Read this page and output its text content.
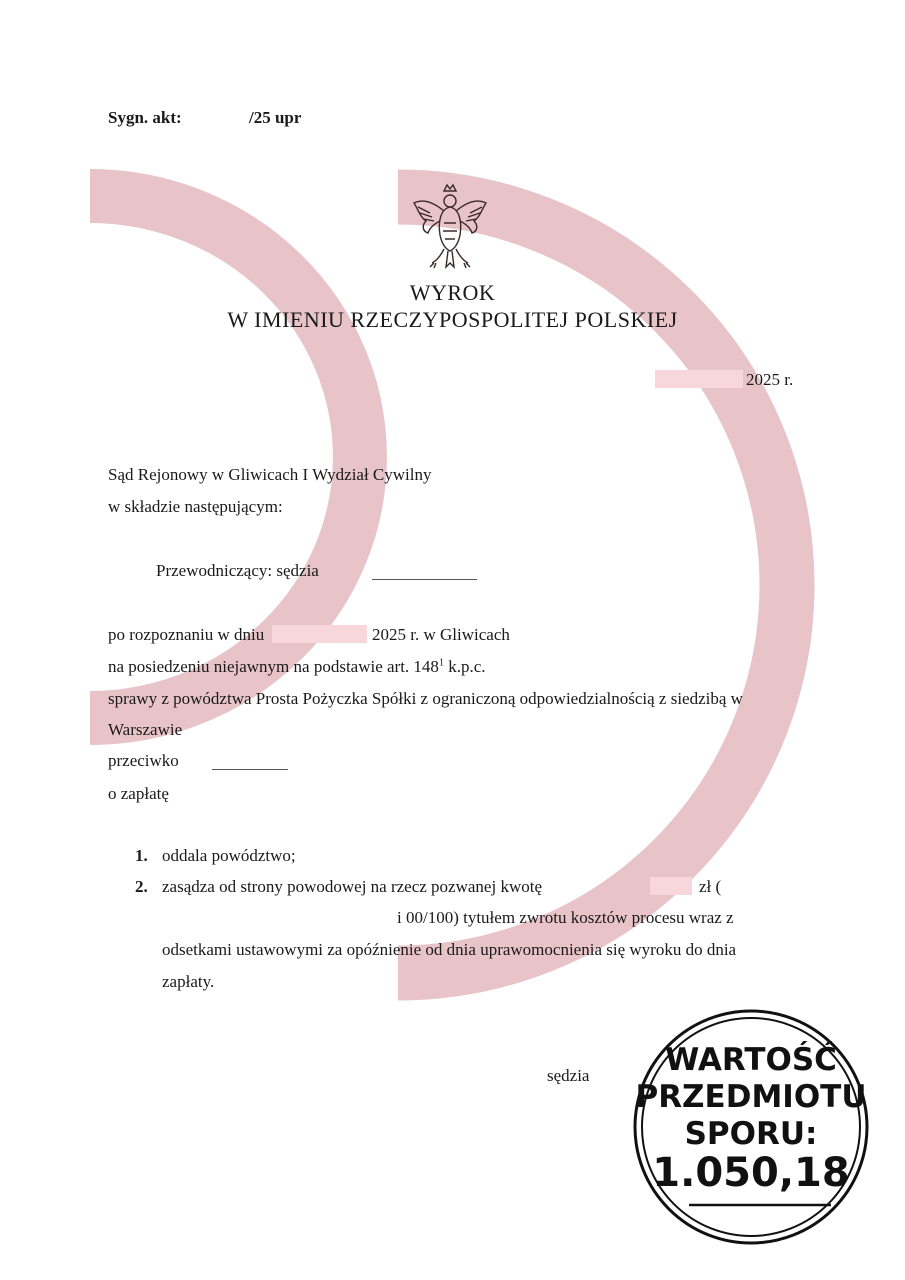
Sygn. akt:	/25 upr
WYROK
W IMIENIU RZECZYPOSPOLITEJ POLSKIEJ
2025 r.
Sąd Rejonowy w Gliwicach I Wydział Cywilny
w składzie następującym:
Przewodniczący: sędzia
po rozpoznaniu w dniu	2025 r. w Gliwicach
na posiedzeniu niejawnym na podstawie art. $148^1$ k.p.c.
sprawy z powództwa Prosta Pożyczka Spółki z ograniczoną odpowiedzialnością z siedzibą w
Warszawie
przeciwko
o zapłatę
1. oddala powództwo;
2. zasądza od strony powodowej na rzecz pozwanej kwotę	zł (
i 00/100) tytułem zwrotu kosztów procesu wraz z
odsetkami ustawowymi za opóźnienie od dnia uprawomocnienia się wyroku do dnia
zapłaty.
sędzia	WARTOŚĆ
PRZEDMIOTU
SPORU:
1.050,18
